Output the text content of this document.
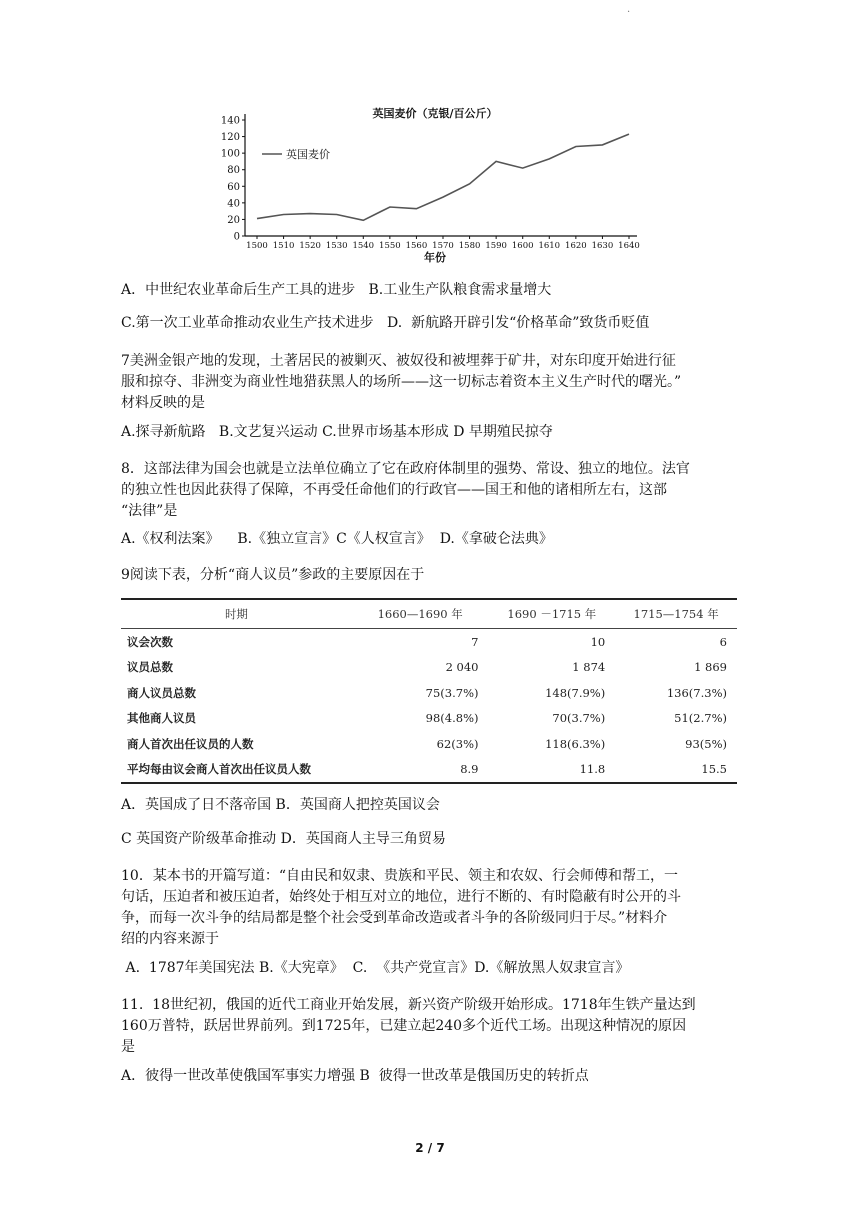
.
英国麦价（克银/百公斤）
0
20
40
60
80
100
120
140
1500 1510 1520 1530 1540 1550 1560 1570 1580 1590 1600 1610 1620 1630 1640
年份
英国麦价
A．中世纪农业革命后生产工具的进步   B.工业生产队粮食需求量增大
C.第一次工业革命推动农业生产技术进步   D.  新航路开辟引发“价格革命”致货币贬值
7美洲金银产地的发现，土著居民的被剿灭、被奴役和被埋葬于矿井，对东印度开始进行征
服和掠夺、非洲变为商业性地猎获黑人的场所——这一切标志着资本主义生产时代的曙光。”
材料反映的是
A.探寻新航路   B.文艺复兴运动 C.世界市场基本形成 D 早期殖民掠夺
8．这部法律为国会也就是立法单位确立了它在政府体制里的强势、常设、独立的地位。法官
的独立性也因此获得了保障，不再受任命他们的行政官——国王和他的诸相所左右，这部
“法律”是
A.《权利法案》    B.《独立宣言》C《人权宣言》  D.《拿破仑法典》
9阅读下表，分析“商人议员”参政的主要原因在于
时期	1660—1690 年	1690 －1715 年	1715—1754 年
议会次数	7	10	6
议员总数	2 040	1 874	1 869
商人议员总数	75(3.7%)	148(7.9%)	136(7.3%)
其他商人议员	98(4.8%)	70(3.7%)	51(2.7%)
商人首次出任议员的人数	62(3%)	118(6.3%)	93(5%)
平均每由议会商人首次出任议员人数	8.9	11.8	15.5
A．英国成了日不落帝国 B．英国商人把控英国议会
C 英国资产阶级革命推动 D．英国商人主导三角贸易
10．某本书的开篇写道：“自由民和奴隶、贵族和平民、领主和农奴、行会师傅和帮工，一
句话，压迫者和被压迫者，始终处于相互对立的地位，进行不断的、有时隐蔽有时公开的斗
争，而每一次斗争的结局都是整个社会受到革命改造或者斗争的各阶级同归于尽。”材料介
绍的内容来源于
A.  1787年美国宪法 B.《大宪章》  C.  《共产党宣言》D.《解放黑人奴隶宣言》
11.  18世纪初，俄国的近代工商业开始发展，新兴资产阶级开始形成。1718年生铁产量达到
160万普特，跃居世界前列。到1725年，已建立起240多个近代工场。出现这种情况的原因
是
A．彼得一世改革使俄国军事实力增强 B  彼得一世改革是俄国历史的转折点
2 / 7
